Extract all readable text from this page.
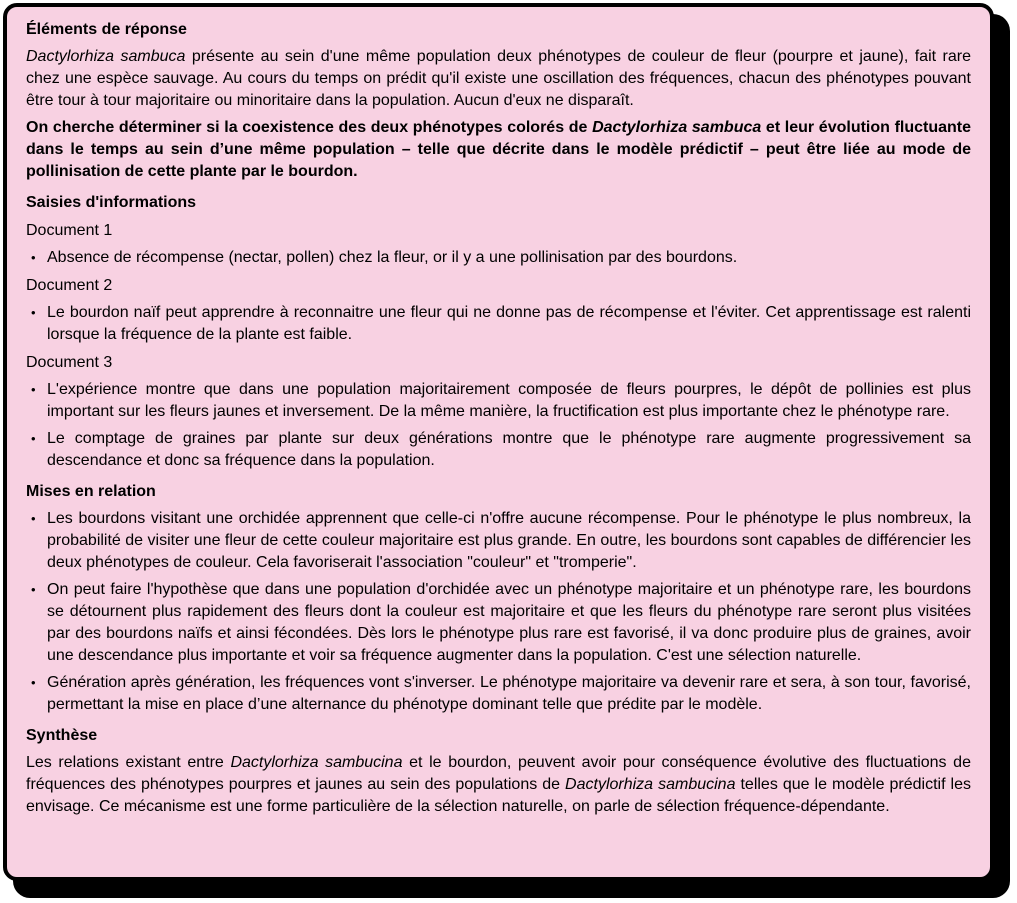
Éléments de réponse

Dactylorhiza sambuca présente au sein d'une même population deux phénotypes de couleur de fleur (pourpre et jaune), fait rare chez une espèce sauvage. Au cours du temps on prédit qu'il existe une oscillation des fréquences, chacun des phénotypes pouvant être tour à tour majoritaire ou minoritaire dans la population. Aucun d'eux ne disparaît.

On cherche déterminer si la coexistence des deux phénotypes colorés de Dactylorhiza sambuca et leur évolution fluctuante dans le temps au sein d’une même population – telle que décrite dans le modèle prédictif – peut être liée au mode de pollinisation de cette plante par le bourdon.

Saisies d'informations

Document 1

• Absence de récompense (nectar, pollen) chez la fleur, or il y a une pollinisation par des bourdons.

Document 2

• Le bourdon naïf peut apprendre à reconnaitre une fleur qui ne donne pas de récompense et l'éviter. Cet apprentissage est ralenti lorsque la fréquence de la plante est faible.

Document 3

• L'expérience montre que dans une population majoritairement composée de fleurs pourpres, le dépôt de pollinies est plus important sur les fleurs jaunes et inversement. De la même manière, la fructification est plus importante chez le phénotype rare.
• Le comptage de graines par plante sur deux générations montre que le phénotype rare augmente progressivement sa descendance et donc sa fréquence dans la population.

Mises en relation

• Les bourdons visitant une orchidée apprennent que celle-ci n'offre aucune récompense. Pour le phénotype le plus nombreux, la probabilité de visiter une fleur de cette couleur majoritaire est plus grande. En outre, les bourdons sont capables de différencier les deux phénotypes de couleur. Cela favoriserait l'association "couleur" et "tromperie".
• On peut faire l'hypothèse que dans une population d'orchidée avec un phénotype majoritaire et un phénotype rare, les bourdons se détournent plus rapidement des fleurs dont la couleur est majoritaire et que les fleurs du phénotype rare seront plus visitées par des bourdons naïfs et ainsi fécondées. Dès lors le phénotype plus rare est favorisé, il va donc produire plus de graines, avoir une descendance plus importante et voir sa fréquence augmenter dans la population. C'est une sélection naturelle.
• Génération après génération, les fréquences vont s'inverser. Le phénotype majoritaire va devenir rare et sera, à son tour, favorisé, permettant la mise en place d’une alternance du phénotype dominant telle que prédite par le modèle.

Synthèse

Les relations existant entre Dactylorhiza sambucina et le bourdon, peuvent avoir pour conséquence évolutive des fluctuations de fréquences des phénotypes pourpres et jaunes au sein des populations de Dactylorhiza sambucina telles que le modèle prédictif les envisage. Ce mécanisme est une forme particulière de la sélection naturelle, on parle de sélection fréquence-dépendante.
